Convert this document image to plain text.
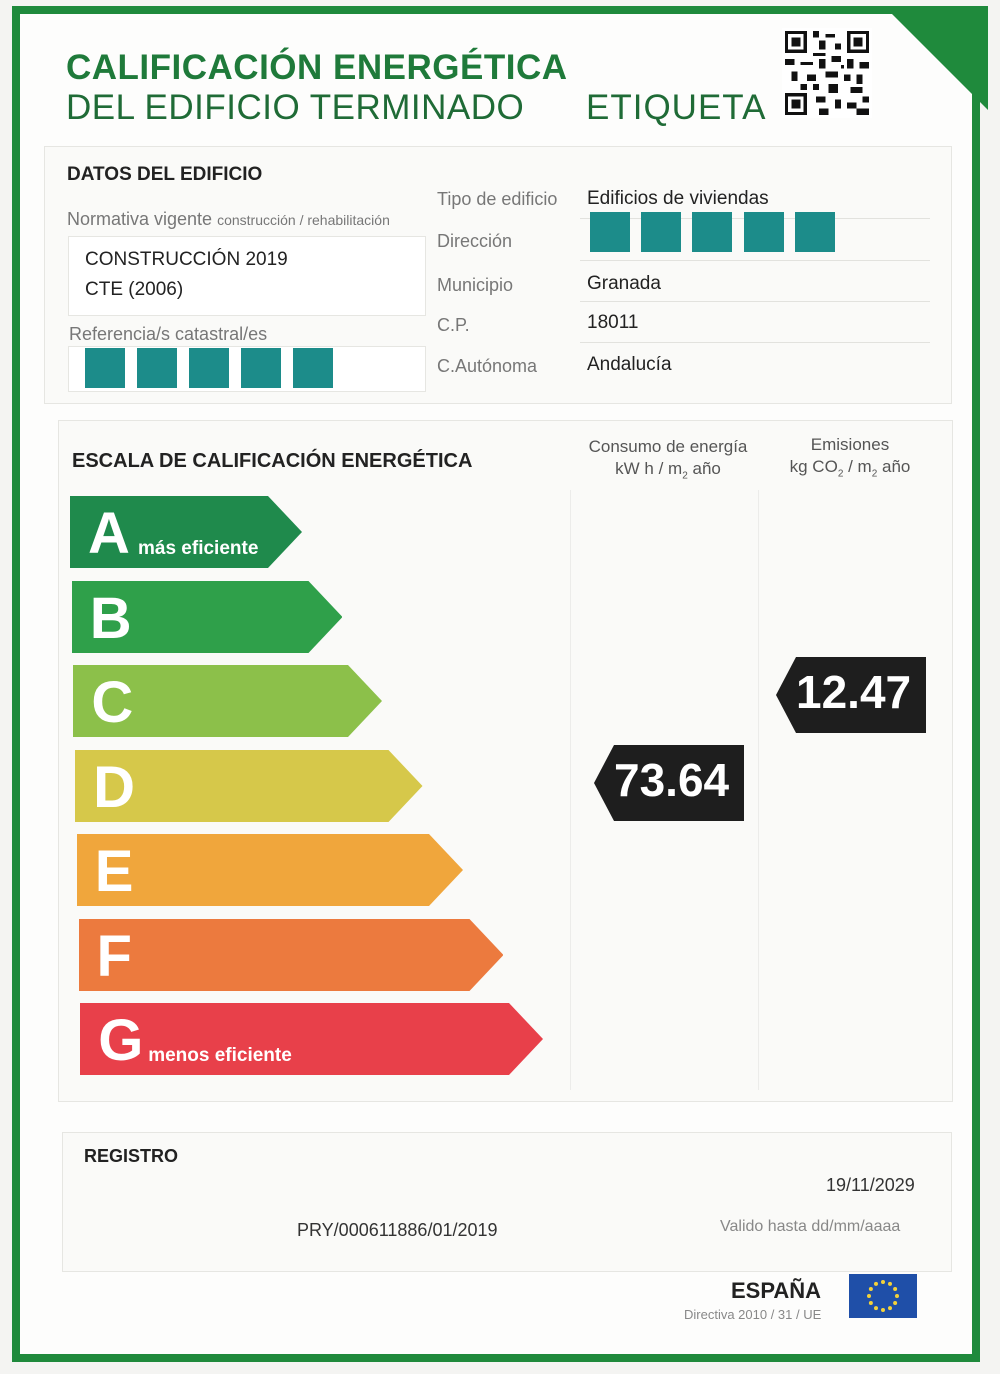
CALIFICACIÓN ENERGÉTICA
DEL EDIFICIO TERMINADO ETIQUETA
DATOS DEL EDIFICIO
Normativa vigente construcción / rehabilitación
CONSTRUCCIÓN 2019
CTE (2006)
Referencia/s catastral/es
Tipo de edificio Edificios de viviendas
Dirección
Municipio	Granada
C.P.	18011
C.Autónoma	Andalucía
ESCALA DE CALIFICACIÓN ENERGÉTICA
Consumo de energía
kW h / $m_2$ año
Emisiones
kg $CO_2 / m_2$ año
A más eficiente
B
C
D
E
F
G menos eficiente
73.64
12.47
REGISTRO
PRY/000611886/01/2019
19/11/2029
Valido hasta dd/mm/aaaa
ESPAÑA
Directiva 2010 / 31 / UE
